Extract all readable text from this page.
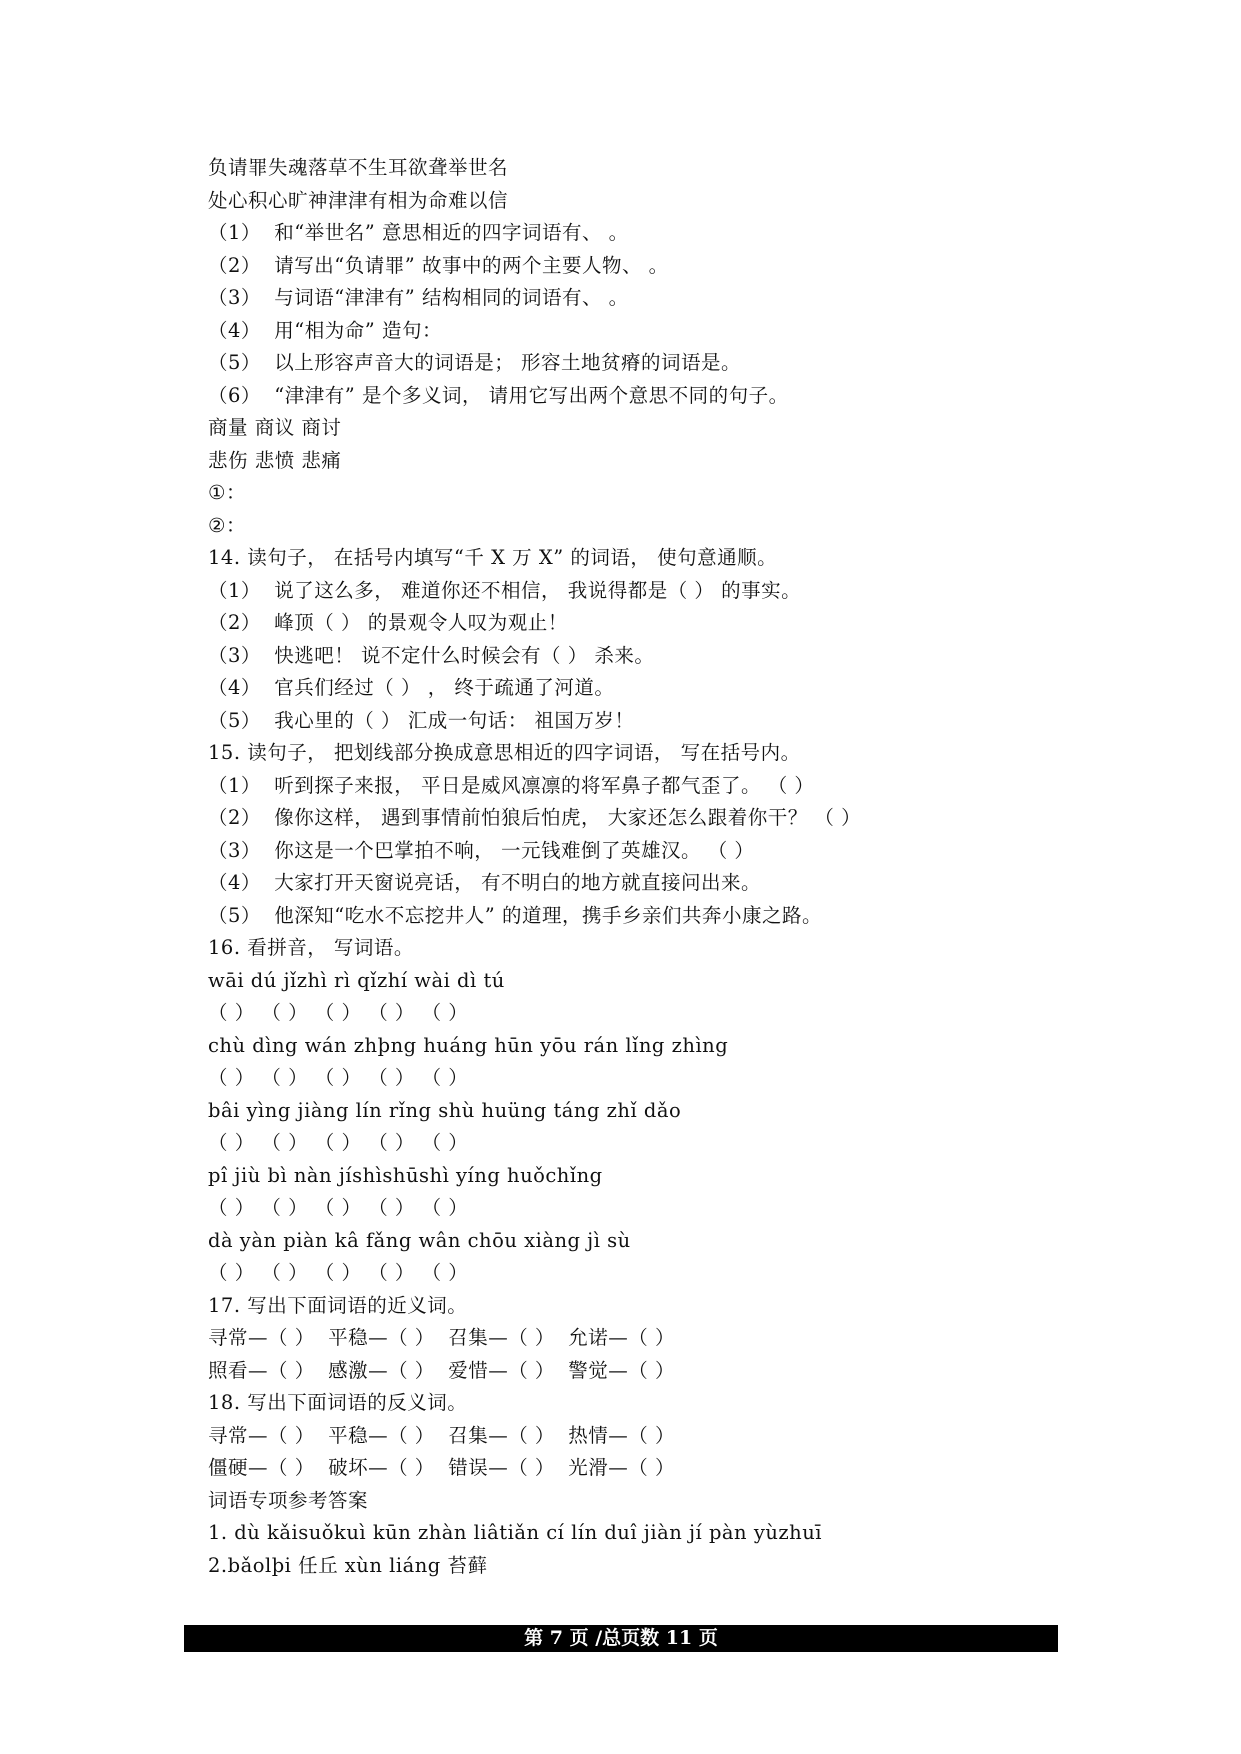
负请罪失魂落草不生耳欲聋举世名
处心积心旷神津津有相为命难以信
（1）  和“举世名” 意思相近的四字词语有、 。
（2）  请写出“负请罪” 故事中的两个主要人物、 。
（3）  与词语“津津有” 结构相同的词语有、 。
（4）  用“相为命” 造句：
（5）  以上形容声音大的词语是； 形容土地贫瘠的词语是。
（6）  “津津有” 是个多义词， 请用它写出两个意思不同的句子。
商量 商议 商讨
悲伤 悲愤 悲痛
①：
②：
14. 读句子， 在括号内填写“千 X 万 X” 的词语， 使句意通顺。
（1）  说了这么多， 难道你还不相信， 我说得都是（ ） 的事实。
（2）  峰顶（ ） 的景观令人叹为观止！
（3）  快逃吧！ 说不定什么时候会有（ ） 杀来。
（4）  官兵们经过（ ） ， 终于疏通了河道。
（5）  我心里的（ ） 汇成一句话： 祖国万岁！
15. 读句子， 把划线部分换成意思相近的四字词语， 写在括号内。
（1）  听到探子来报， 平日是威风凛凛的将军鼻子都气歪了。 （ ）
（2）  像你这样， 遇到事情前怕狼后怕虎， 大家还怎么跟着你干？ （ ）
（3）  你这是一个巴掌拍不响， 一元钱难倒了英雄汉。 （ ）
（4）  大家打开天窗说亮话， 有不明白的地方就直接问出来。
（5）  他深知“吃水不忘挖井人” 的道理，携手乡亲们共奔小康之路。
16. 看拼音， 写词语。
wāi dú jǐzhì rì qǐzhí wài dì tú
（ ） （ ） （ ） （ ） （ ）
chù dìng wán zhþng huáng hūn yōu rán lǐng zhìng
（ ） （ ） （ ） （ ） （ ）
bâi yìng jiàng lín rǐng shù huüng táng zhǐ dǎo
（ ） （ ） （ ） （ ） （ ）
pî jiù bì nàn jíshìshūshì yíng huǒchǐng
（ ） （ ） （ ） （ ） （ ）
dà yàn piàn kâ fǎng wân chōu xiàng jì sù
（ ） （ ） （ ） （ ） （ ）
17. 写出下面词语的近义词。
寻常—（ ）  平稳—（ ）  召集—（ ）  允诺—（ ）
照看—（ ）  感激—（ ）  爱惜—（ ）  警觉—（ ）
18. 写出下面词语的反义词。
寻常—（ ）  平稳—（ ）  召集—（ ）  热情—（ ）
僵硬—（ ）  破坏—（ ）  错误—（ ）  光滑—（ ）
词语专项参考答案
1. dù kǎisuǒkuì kūn zhàn liâtiǎn cí lín duî jiàn jí pàn yùzhuī
2.bǎolþi 任丘 xùn liáng 苔藓
第 7 页 /总页数 11 页
